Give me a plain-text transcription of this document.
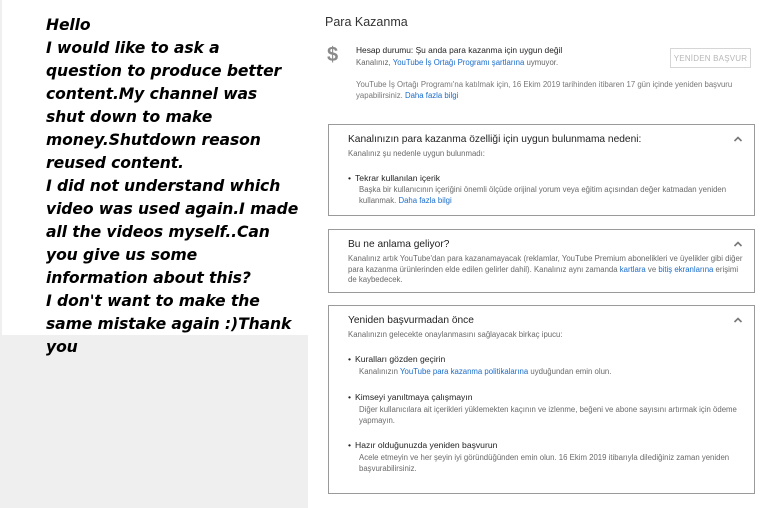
Hello
I would like to ask a question to produce better content.My channel was shut down to make money.Shutdown reason reused content.
I did not understand which video was used again.I made all the videos myself..Can you give us some information about this?
I don't want to make the same mistake again :)Thank you

Para Kazanma
$ Hesap durumu: Şu anda para kazanma için uygun değil
Kanalınız, YouTube İş Ortağı Programı şartlarına uymuyor.
YouTube İş Ortağı Programı'na katılmak için, 16 Ekim 2019 tarihinden itibaren 17 gün içinde yeniden başvuru yapabilirsiniz. Daha fazla bilgi
YENİDEN BAŞVUR
Kanalınızın para kazanma özelliği için uygun bulunmama nedeni:
Kanalınız şu nedenle uygun bulunmadı:
• Tekrar kullanılan içerik
Başka bir kullanıcının içeriğini önemli ölçüde orijinal yorum veya eğitim açısından değer katmadan yeniden kullanmak. Daha fazla bilgi
Bu ne anlama geliyor?
Kanalınız artık YouTube'dan para kazanamayacak (reklamlar, YouTube Premium abonelikleri ve üyelikler gibi diğer para kazanma ürünlerinden elde edilen gelirler dahil). Kanalınız aynı zamanda kartlara ve bitiş ekranlarına erişimi de kaybedecek.
Yeniden başvurmadan önce
Kanalınızın gelecekte onaylanmasını sağlayacak birkaç ipucu:
• Kuralları gözden geçirin
Kanalınızın YouTube para kazanma politikalarına uyduğundan emin olun.
• Kimseyi yanıltmaya çalışmayın
Diğer kullanıcılara ait içerikleri yüklemekten kaçının ve izlenme, beğeni ve abone sayısını artırmak için ödeme yapmayın.
• Hazır olduğunuzda yeniden başvurun
Acele etmeyin ve her şeyin iyi göründüğünden emin olun. 16 Ekim 2019 itibarıyla dilediğiniz zaman yeniden başvurabilirsiniz.
